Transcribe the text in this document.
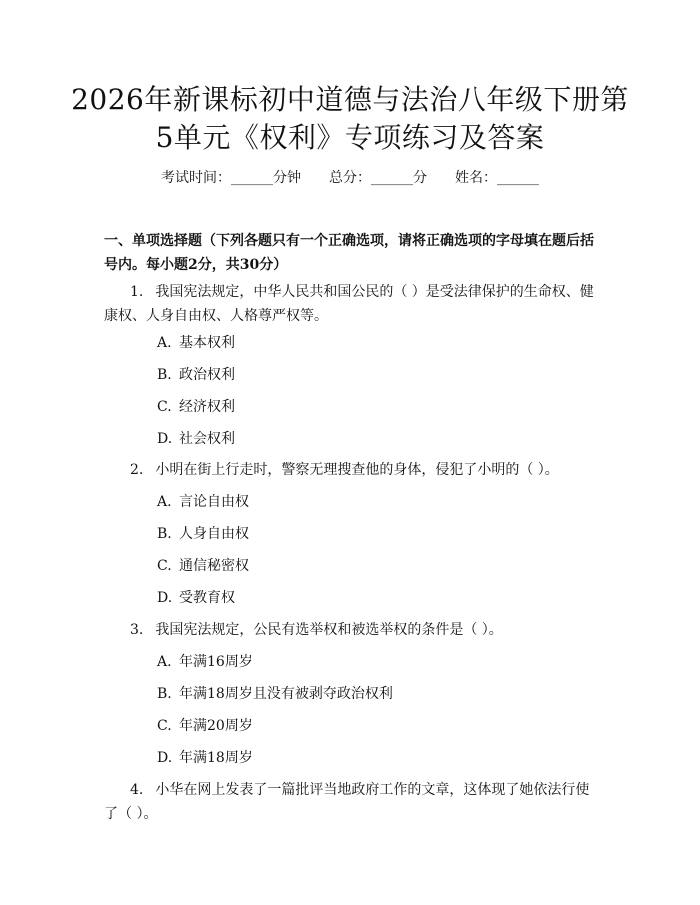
2026年新课标初中道德与法治八年级下册第
5单元《权利》专项练习及答案
考试时间：______分钟 总分：______分 姓名：______

一、单项选择题（下列各题只有一个正确选项，请将正确选项的字母填在题后括号内。每小题2分，共30分）

1. 我国宪法规定，中华人民共和国公民的（ ）是受法律保护的生命权、健康权、人身自由权、人格尊严权等。

A. 基本权利

B. 政治权利

C. 经济权利

D. 社会权利

2. 小明在街上行走时，警察无理搜查他的身体，侵犯了小明的（ ）。

A. 言论自由权

B. 人身自由权

C. 通信秘密权

D. 受教育权

3. 我国宪法规定，公民有选举权和被选举权的条件是（ ）。

A. 年满16周岁

B. 年满18周岁且没有被剥夺政治权利

C. 年满20周岁

D. 年满18周岁

4. 小华在网上发表了一篇批评当地政府工作的文章，这体现了她依法行使了（ ）。
